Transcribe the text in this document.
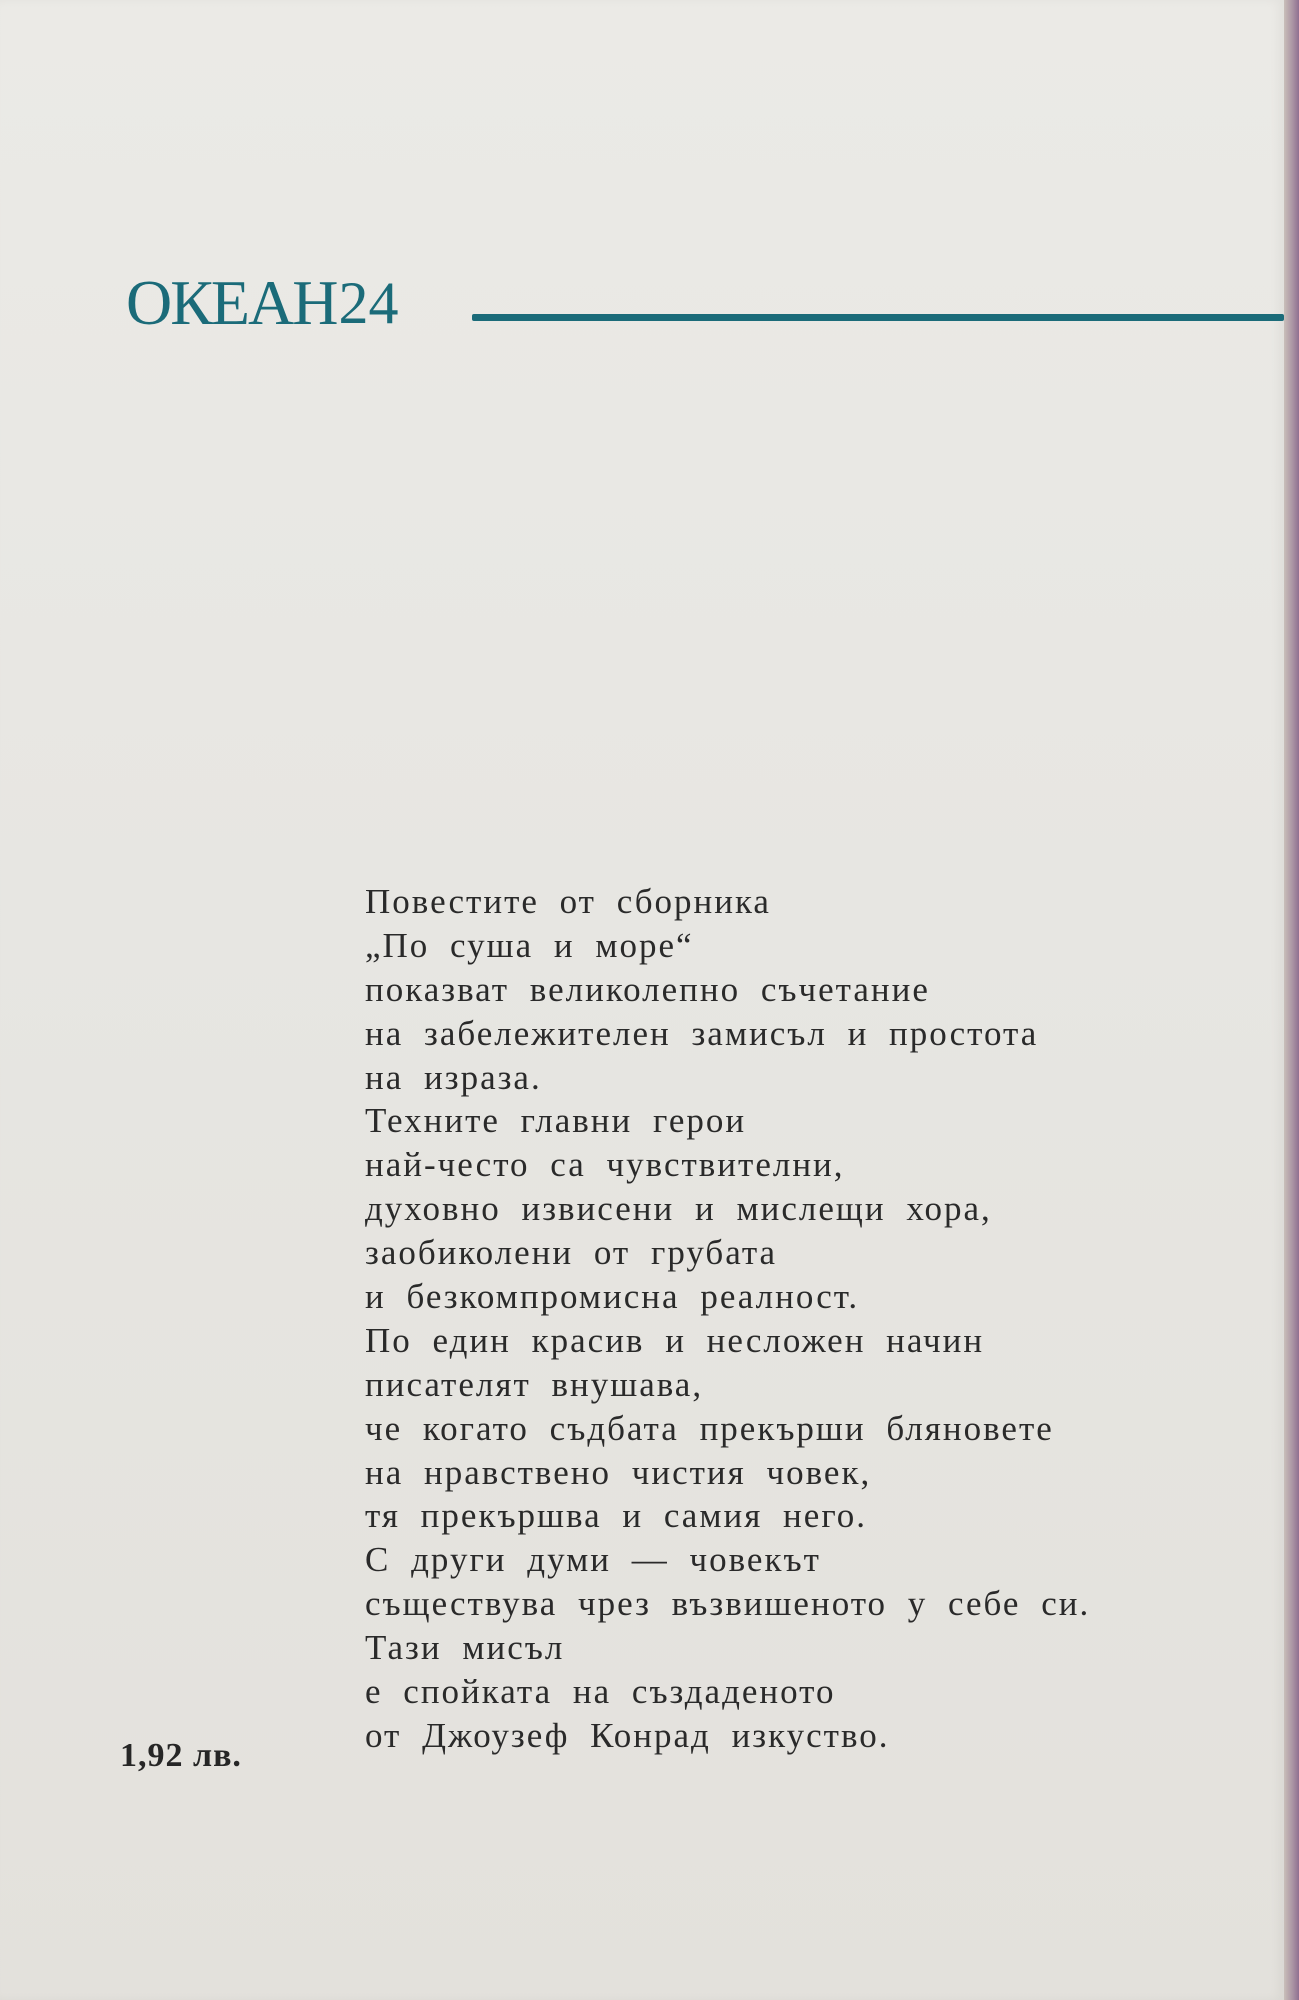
ОКЕАН 24
Повестите от сборника
„По суша и море“
показват великолепно съчетание
на забележителен замисъл и простота
на израза.
Техните главни герои
най-често са чувствителни,
духовно извисени и мислещи хора,
заобиколени от грубата
и безкомпромисна реалност.
По един красив и несложен начин
писателят внушава,
че когато съдбата прекърши блянoвете
на нравствено чистия човек,
тя прекършва и самия него.
С други думи — човекът
съществува чрез възвишеното у себе си.
Тази мисъл
е спойката на създаденото
от Джоузеф Конрад изкуство.
1,92 лв.
